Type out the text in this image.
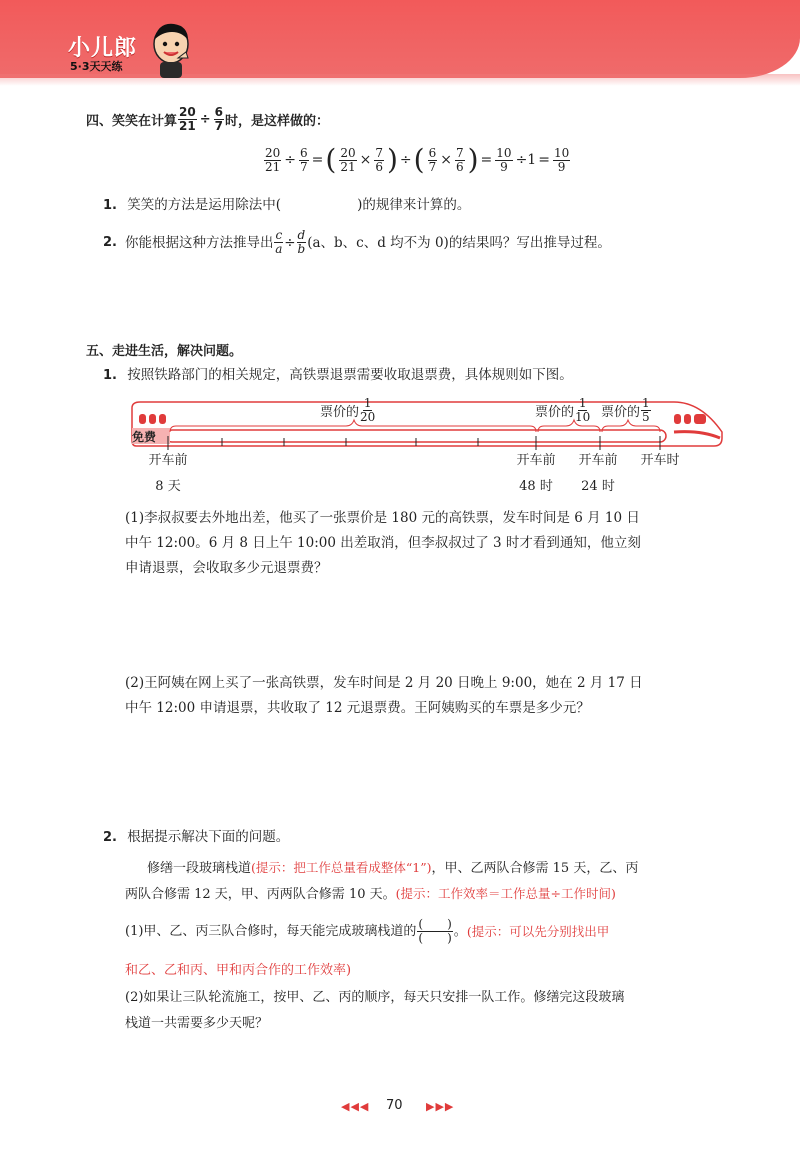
小儿郎
5·3天天练
四、笑笑在计算 $\frac{20}{21} \div \frac{6}{7}$ 时，是这样做的：
$\frac{20}{21} \div \frac{6}{7}$ = ( $\frac{20}{21} \times \frac{7}{6}$ ) ÷ ( $\frac{6}{7} \times \frac{7}{6}$ ) = $\frac{10}{9} \div 1 = \frac{10}{9}$
1. 笑笑的方法是运用除法中(	)的规律来计算的。
2. 你能根据这种方法推导出 $\frac{c}{a} \div \frac{d}{b} (a$、b、c、d 均不为 0)的结果吗？写出推导过程。
五、走进生活，解决问题。
1. 按照铁路部门的相关规定，高铁票退票需要收取退票费，具体规则如下图。
免费
票价的 $\frac{1}{20}$	票价的 $\frac{1}{10}$ 票价的 $\frac{1}{5}$
开车前
8 天
开车前
48 时
开车前
24 时
开车时
(1)李叔叔要去外地出差，他买了一张票价是 180 元的高铁票，发车时间是 6 月 10 日
中午 12:00。6 月 8 日上午 10:00 出差取消，但李叔叔过了 3 时才看到通知，他立刻
申请退票，会收取多少元退票费？
(2)王阿姨在网上买了一张高铁票，发车时间是 2 月 20 日晚上 9:00，她在 2 月 17 日
中午 12:00 申请退票，共收取了 12 元退票费。王阿姨购买的车票是多少元？
2. 根据提示解决下面的问题。
修缮一段玻璃栈道(提示：把工作总量看成整体“1”)，甲、乙两队合修需 15 天，乙、丙
两队合修需 12 天，甲、丙两队合修需 10 天。(提示：工作效率＝工作总量÷工作时间)
(1)甲、乙、丙三队合修时，每天能完成玻璃栈道的 $\frac{( )}{( )}$ 。 (提示：可以先分别找出甲
和乙、乙和丙、甲和丙合作的工作效率)
(2)如果让三队轮流施工，按甲、乙、丙的顺序，每天只安排一队工作。修缮完这段玻璃
栈道一共需要多少天呢？
◀◀◀ 70 ▶▶▶
